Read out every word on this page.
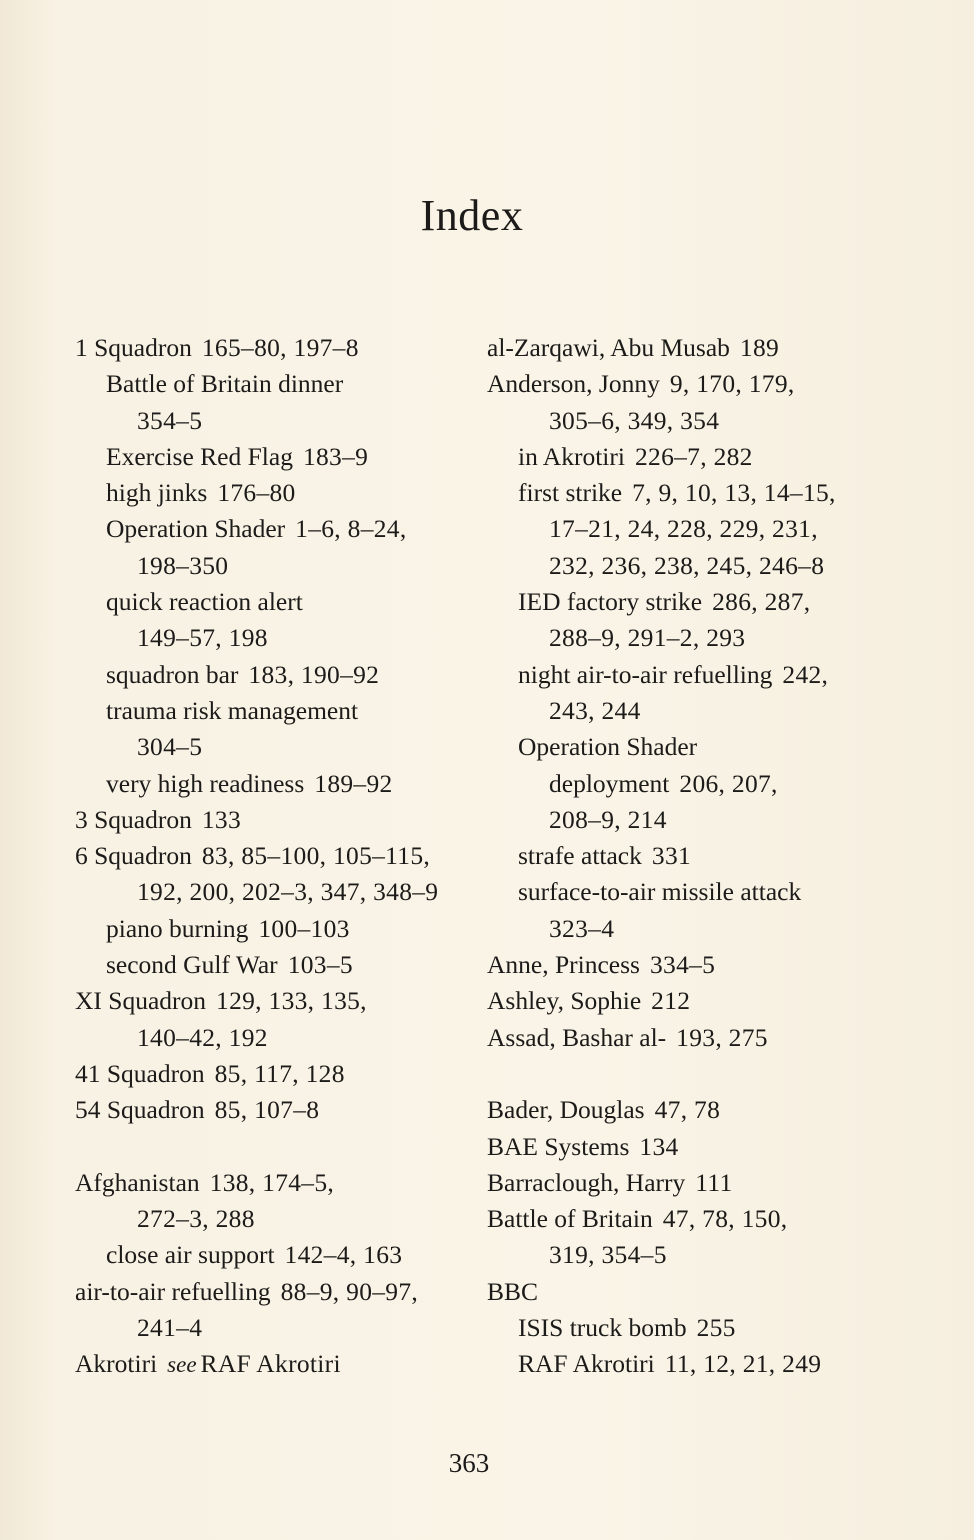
Index
1 Squadron 165–80, 197–8
Battle of Britain dinner
354–5
Exercise Red Flag 183–9
high jinks 176–80
Operation Shader 1–6, 8–24,
198–350
quick reaction alert
149–57, 198
squadron bar 183, 190–92
trauma risk management
304–5
very high readiness 189–92
3 Squadron 133
6 Squadron 83, 85–100, 105–115,
192, 200, 202–3, 347, 348–9
piano burning 100–103
second Gulf War 103–5
XI Squadron 129, 133, 135,
140–42, 192
41 Squadron 85, 117, 128
54 Squadron 85, 107–8
Afghanistan 138, 174–5,
272–3, 288
close air support 142–4, 163
air-to-air refuelling 88–9, 90–97,
241–4
Akrotiri see RAF Akrotiri
al-Zarqawi, Abu Musab 189
Anderson, Jonny 9, 170, 179,
305–6, 349, 354
in Akrotiri 226–7, 282
first strike 7, 9, 10, 13, 14–15,
17–21, 24, 228, 229, 231,
232, 236, 238, 245, 246–8
IED factory strike 286, 287,
288–9, 291–2, 293
night air-to-air refuelling 242,
243, 244
Operation Shader
deployment 206, 207,
208–9, 214
strafe attack 331
surface-to-air missile attack
323–4
Anne, Princess 334–5
Ashley, Sophie 212
Assad, Bashar al- 193, 275
Bader, Douglas 47, 78
BAE Systems 134
Barraclough, Harry 111
Battle of Britain 47, 78, 150,
319, 354–5
BBC
ISIS truck bomb 255
RAF Akrotiri 11, 12, 21, 249
363
